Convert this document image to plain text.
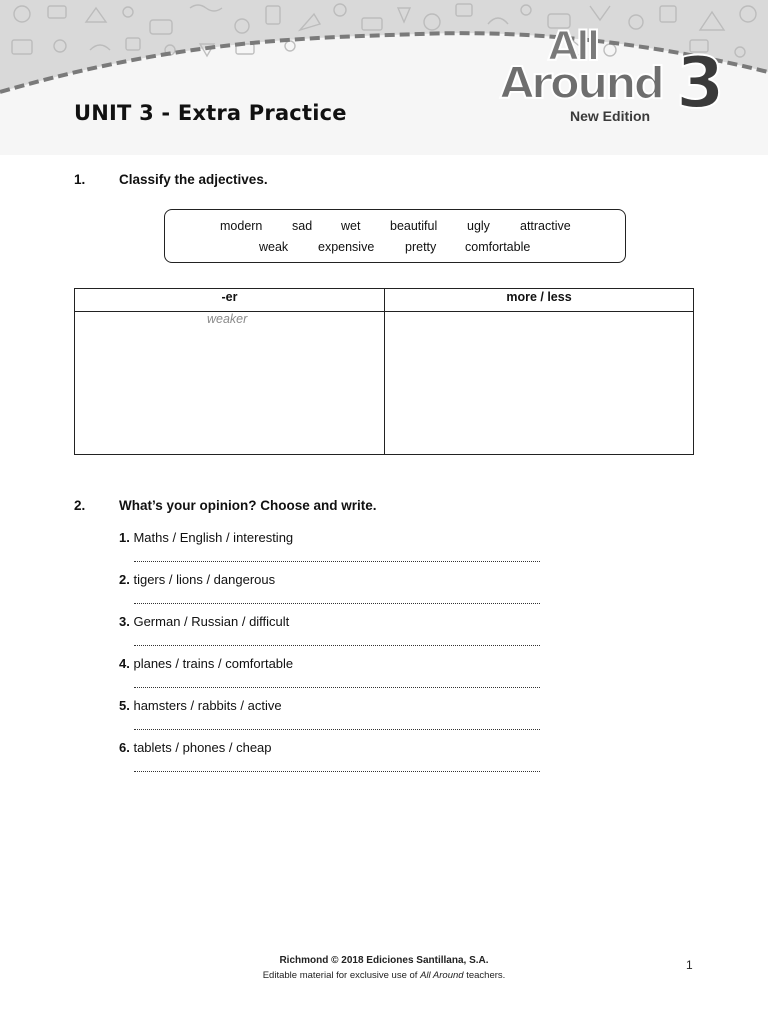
All
Around 3
New Edition
UNIT 3 - Extra Practice
1. Classify the adjectives.
modern sad wet beautiful ugly attractive
weak expensive pretty comfortable
-er	more / less
weaker
2. What’s your opinion? Choose and write.
1. Maths / English / interesting
2. tigers / lions / dangerous
3. German / Russian / difficult
4. planes / trains / comfortable
5. hamsters / rabbits / active
6. tablets / phones / cheap
Richmond © 2018 Ediciones Santillana, S.A.
Editable material for exclusive use of All Around teachers.
1
